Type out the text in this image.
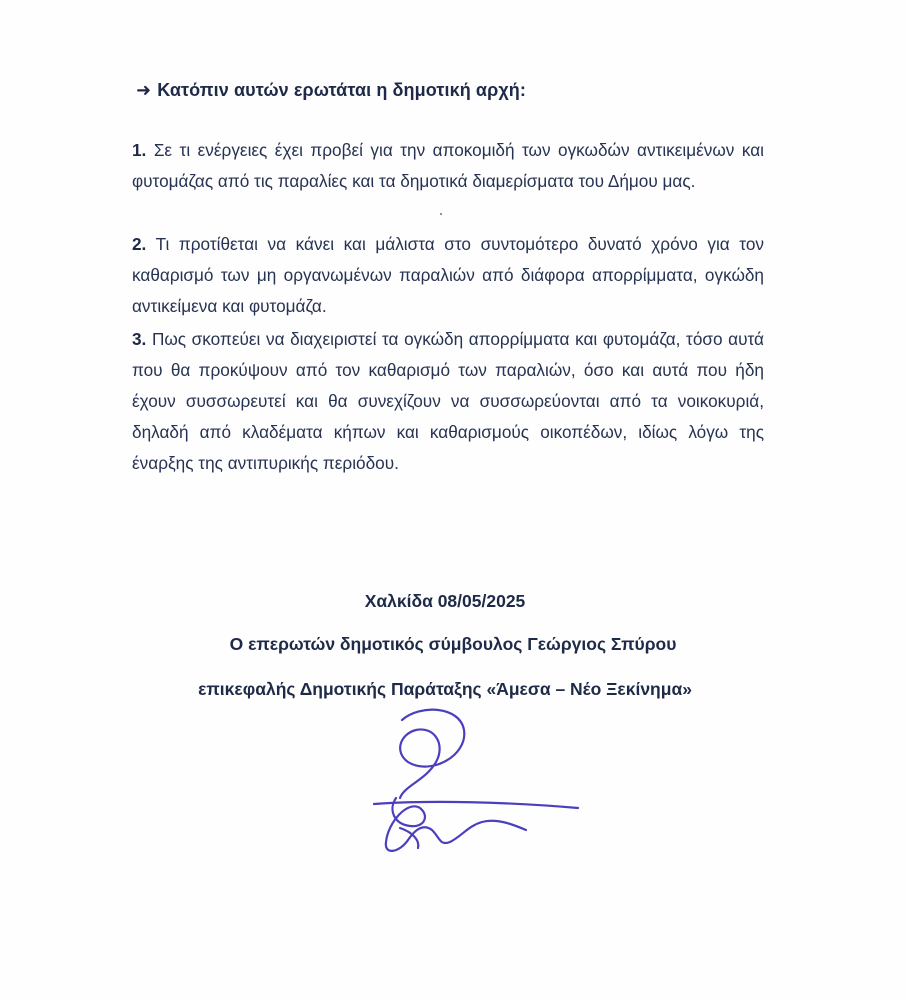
➜ Κατόπιν αυτών ερωτάται η δημοτική αρχή:
1. Σε τι ενέργειες έχει προβεί για την αποκομιδή των ογκωδών αντικειμένων και φυτομάζας από τις παραλίες και τα δημοτικά διαμερίσματα του Δήμου μας.
2. Τι προτίθεται να κάνει και μάλιστα στο συντομότερο δυνατό χρόνο για τον καθαρισμό των μη οργανωμένων παραλιών από διάφορα απορρίμματα, ογκώδη αντικείμενα και φυτομάζα.
3. Πως σκοπεύει να διαχειριστεί τα ογκώδη απορρίμματα και φυτομάζα, τόσο αυτά που θα προκύψουν από τον καθαρισμό των παραλιών, όσο και αυτά που ήδη έχουν συσσωρευτεί και θα συνεχίζουν να συσσωρεύονται από τα νοικοκυριά, δηλαδή από κλαδέματα κήπων και καθαρισμούς οικοπέδων, ιδίως λόγω της έναρξης της αντιπυρικής περιόδου.
Χαλκίδα 08/05/2025
Ο επερωτών δημοτικός σύμβουλος Γεώργιος Σπύρου
επικεφαλής Δημοτικής Παράταξης «Άμεσα – Νέο Ξεκίνημα»
